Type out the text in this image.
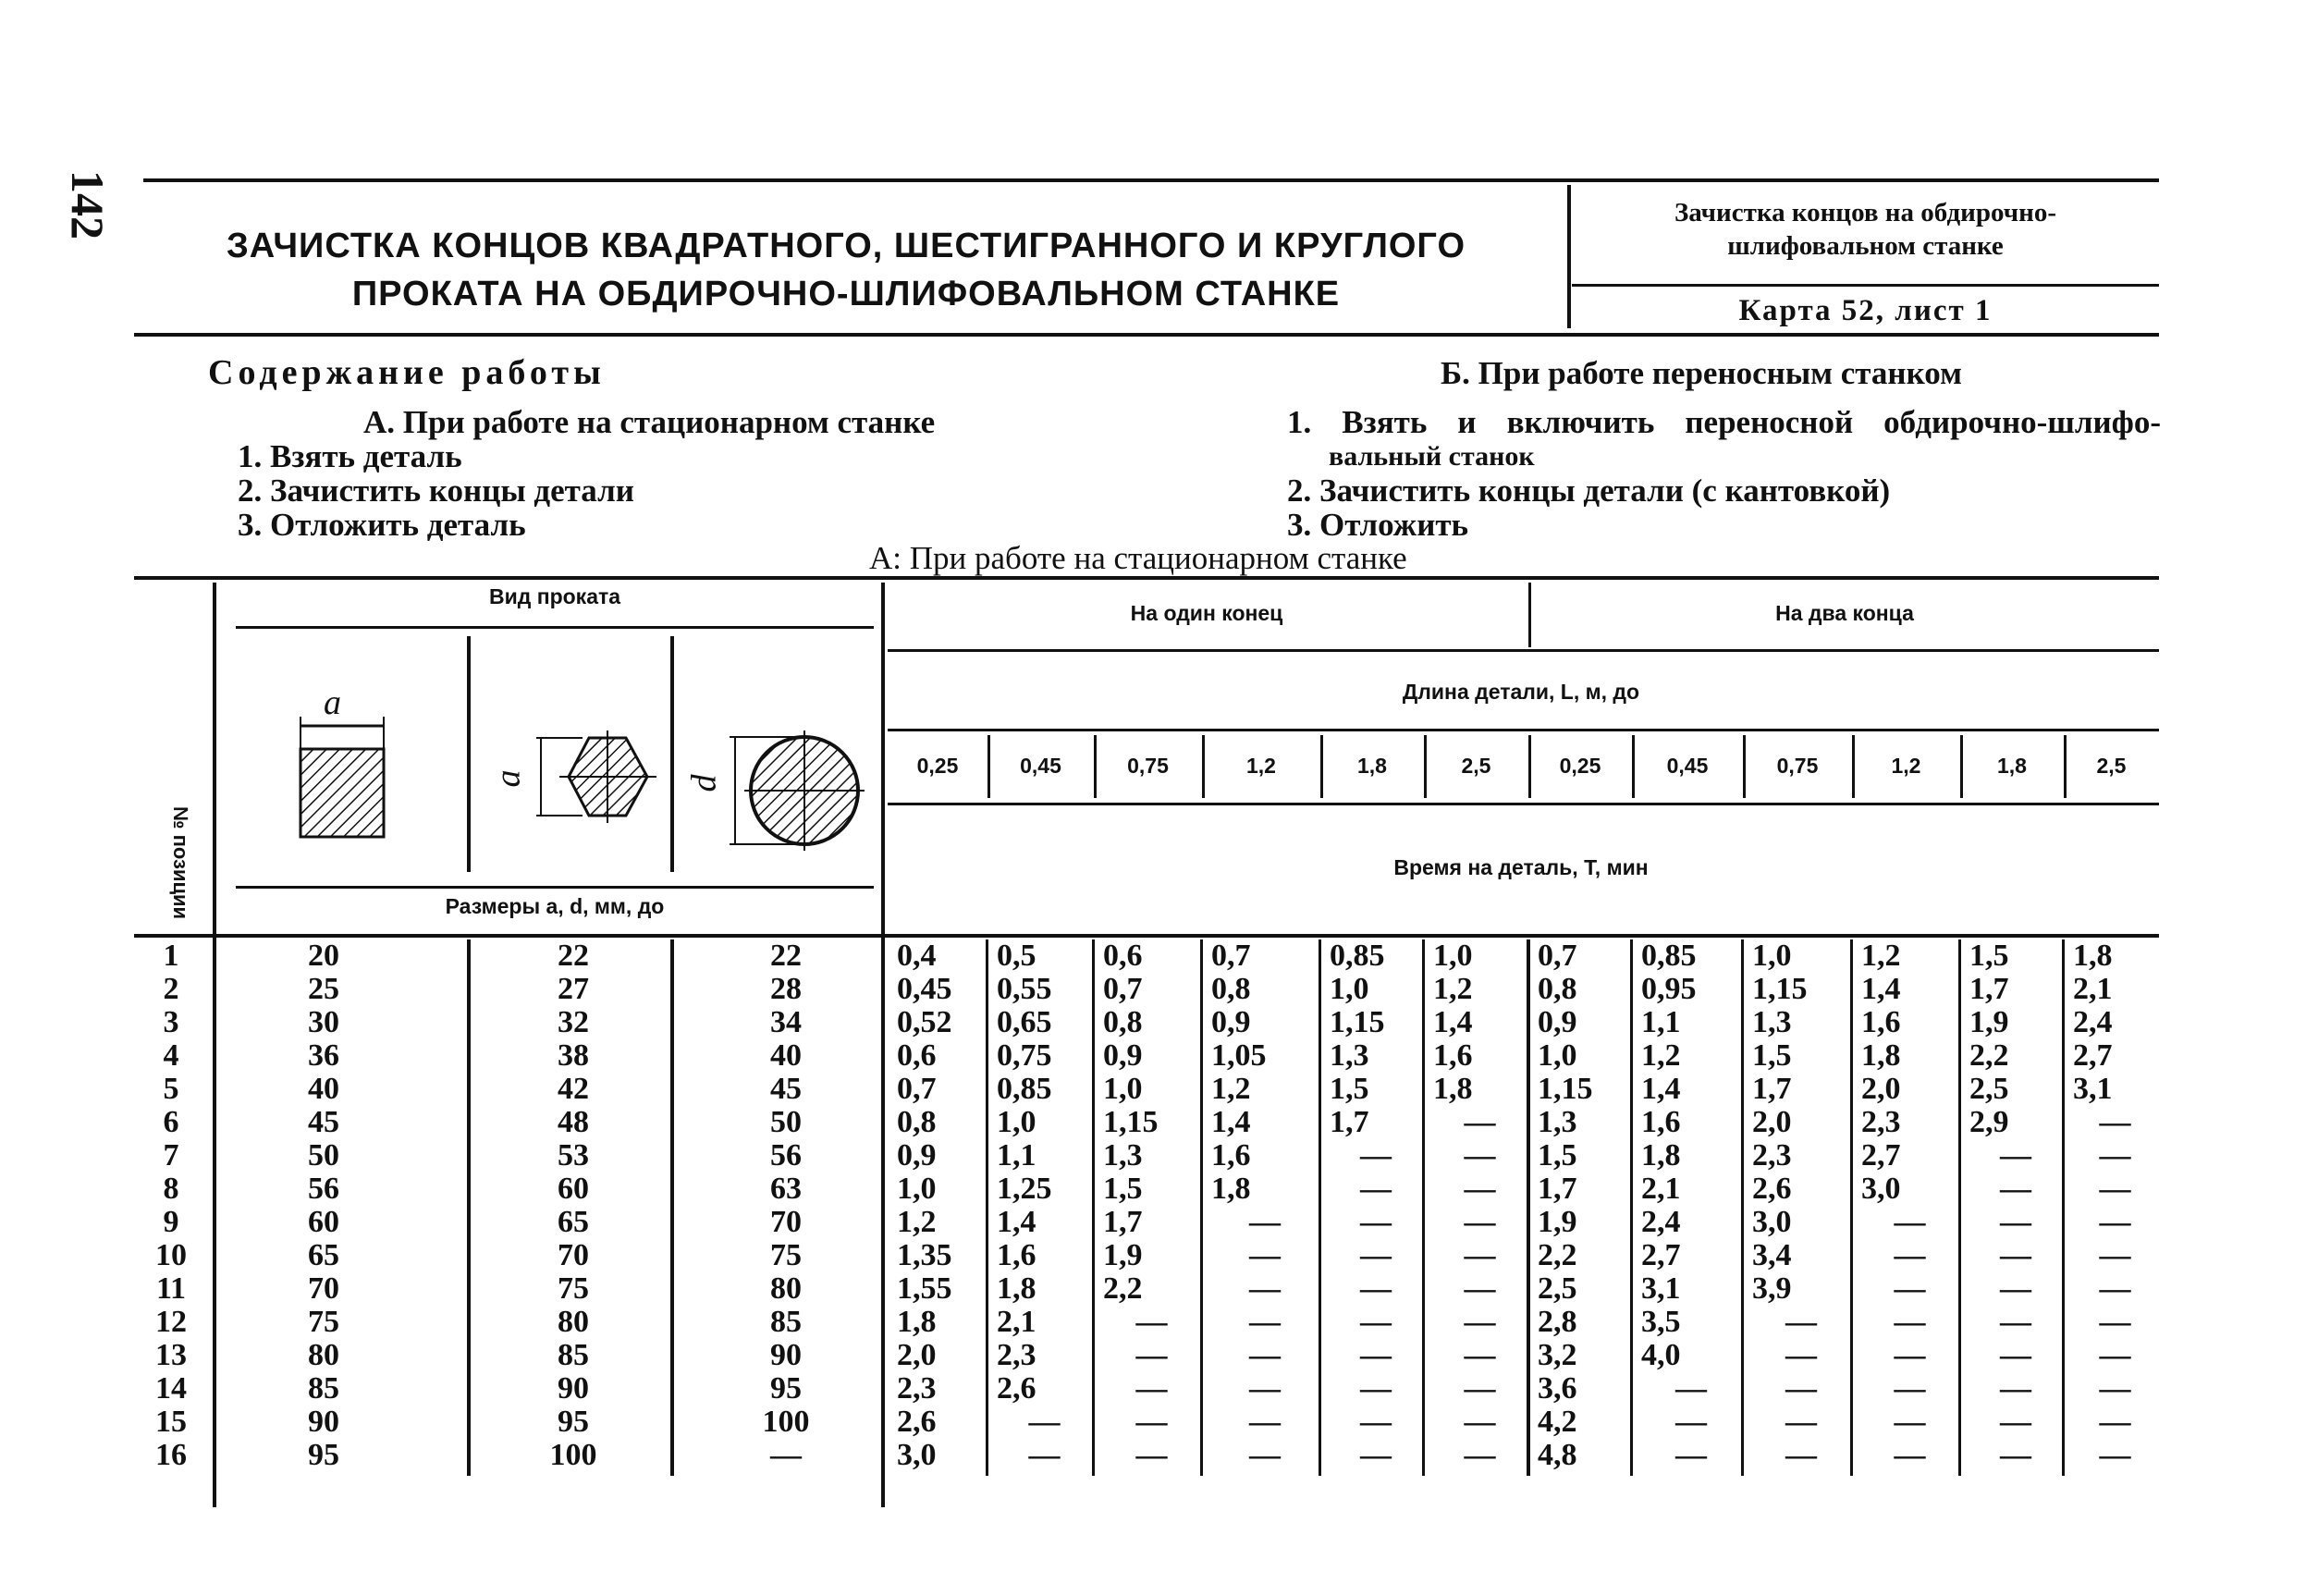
142
ЗАЧИСТКА КОНЦОВ КВАДРАТНОГО, ШЕСТИГРАННОГО И КРУГЛОГО
ПРОКАТА НА ОБДИРОЧНО-ШЛИФОВАЛЬНОМ СТАНКЕ
Зачистка концов на обдирочно-
шлифовальном станке
Карта 52, лист 1
Содержание работы
А. При работе на стационарном станке
1. Взять деталь
2. Зачистить концы детали
3. Отложить деталь
Б. При работе переносным станком
1. Взять и включить переносной обдирочно-шлифо-
вальный станок
2. Зачистить концы детали (с кантовкой)
3. Отложить
А: При работе на стационарном станке
№ позиции
Вид проката
Размеры а, d, мм, до
a
a	d
На один конец	На два конца
Длина детали, L, м, до
Время на деталь, Т, мин
0,25	0,45	0,75	1,2	1,8	2,5	0,25	0,45	0,75	1,2	1,8	2,5
1	20	22	22	0,4	0,5	0,6	0,7	0,85	1,0	0,7	0,85	1,0	1,2	1,5	1,8
2	25	27	28	0,45	0,55	0,7	0,8	1,0	1,2	0,8	0,95	1,15	1,4	1,7	2,1
3	30	32	34	0,52	0,65	0,8	0,9	1,15	1,4	0,9	1,1	1,3	1,6	1,9	2,4
4	36	38	40	0,6	0,75	0,9	1,05	1,3	1,6	1,0	1,2	1,5	1,8	2,2	2,7
5	40	42	45	0,7	0,85	1,0	1,2	1,5	1,8	1,15	1,4	1,7	2,0	2,5	3,1
6	45	48	50	0,8	1,0	1,15	1,4	1,7	—	1,3	1,6	2,0	2,3	2,9	—
7	50	53	56	0,9	1,1	1,3	1,6	—	—	1,5	1,8	2,3	2,7	—	—
8	56	60	63	1,0	1,25	1,5	1,8	—	—	1,7	2,1	2,6	3,0	—	—
9	60	65	70	1,2	1,4	1,7	—	—	—	1,9	2,4	3,0	—	—	—
10	65	70	75	1,35	1,6	1,9	—	—	—	2,2	2,7	3,4	—	—	—
11	70	75	80	1,55	1,8	2,2	—	—	—	2,5	3,1	3,9	—	—	—
12	75	80	85	1,8	2,1	—	—	—	—	2,8	3,5	—	—	—	—
13	80	85	90	2,0	2,3	—	—	—	—	3,2	4,0	—	—	—	—
14	85	90	95	2,3	2,6	—	—	—	—	3,6	—	—	—	—	—
15	90	95	100	2,6	—	—	—	—	—	4,2	—	—	—	—	—
16	95	100	—	3,0	—	—	—	—	—	4,8	—	—	—	—	—
